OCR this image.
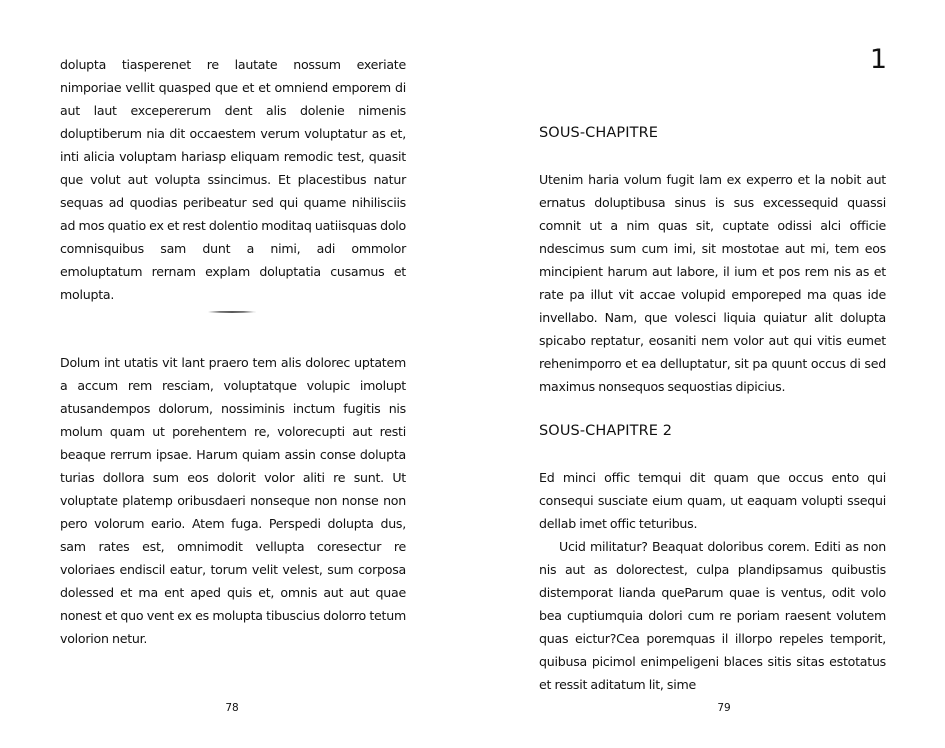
dolupta tiasperenet re lautate nossum exeriate nimporiae vellit quasped que et et omniend emporem di aut laut excepererum dent alis dolenie nimenis doluptiberum nia dit occaestem verum voluptatur as et, inti alicia voluptam hariasp eliquam remodic test, quasit que volut aut volupta ssincimus. Et placestibus natur sequas ad quodias peribeatur sed qui quame nihilisciis ad mos quatio ex et rest dolentio moditaq uatiisquas dolo comnisquibus sam dunt a nimi, adi ommolor emoluptatum rernam explam doluptatia cusamus et molupta.

Dolum int utatis vit lant praero tem alis dolorec uptatem a accum rem resciam, voluptatque volupic imolupt atusandempos dolorum, nossiminis inctum fugitis nis molum quam ut porehentem re, volorecupti aut resti beaque rerrum ipsae. Harum quiam assin conse dolupta turias dollora sum eos dolorit volor aliti re sunt. Ut voluptate platemp oribusdaeri nonseque non nonse non pero volorum eario. Atem fuga. Perspedi dolupta dus, sam rates est, omnimodit vellupta coresectur re voloriaes endiscil eatur, torum velit velest, sum corposa dolessed et ma ent aped quis et, omnis aut aut quae nonest et quo vent ex es molupta tibuscius dolorro tetum volorion netur.

78
1
SOUS-CHAPITRE

Utenim haria volum fugit lam ex experro et la nobit aut ernatus doluptibusa sinus is sus excessequid quassi comnit ut a nim quas sit, cuptate odissi alci officie ndescimus sum cum imi, sit mostotae aut mi, tem eos mincipient harum aut labore, il ium et pos rem nis as et rate pa illut vit accae volupid emporeped ma quas ide invellabo. Nam, que volesci liquia quiatur alit dolupta spicabo reptatur, eosaniti nem volor aut qui vitis eumet rehenimporro et ea delluptatur, sit pa quunt occus di sed maximus nonsequos sequostias dipicius.

SOUS-CHAPITRE 2

Ed minci offic temqui dit quam que occus ento qui consequi susciate eium quam, ut eaquam volupti ssequi dellab imet offic teturibus.

Ucid militatur? Beaquat doloribus corem. Editi as non nis aut as dolorectest, culpa plandipsamus quibustis distemporat lianda queParum quae is ventus, odit volo bea cuptiumquia dolori cum re poriam raesent volutem quas eictur?Cea poremquas il illorpo repeles temporit, quibusa picimol enimpeligeni blaces sitis sitas estotatus et ressit aditatum lit, sime

79
